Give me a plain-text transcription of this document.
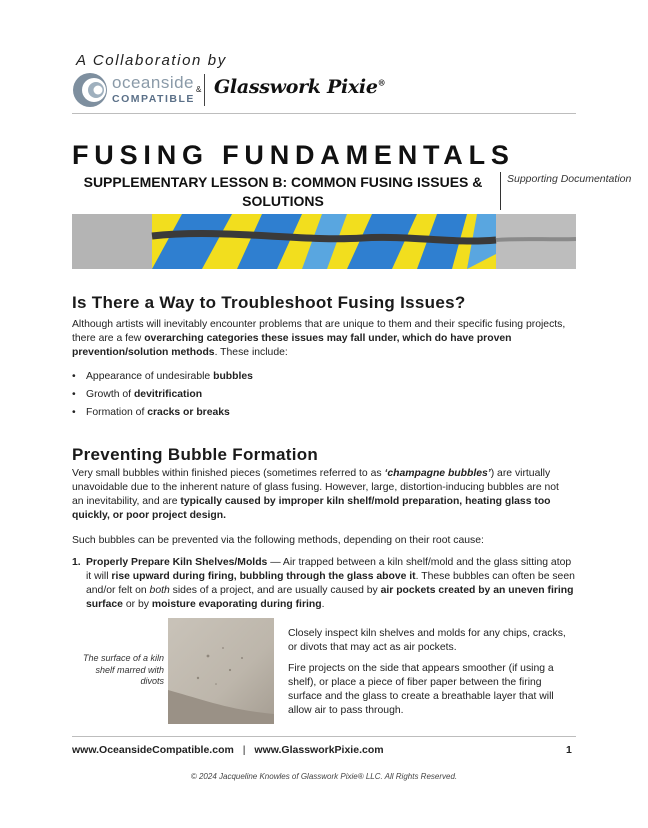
A Collaboration by
oceanside
COMPATIBLE
& Glasswork Pixie®
FUSING FUNDAMENTALS
SUPPLEMENTARY LESSON B: COMMON FUSING ISSUES & SOLUTIONS
Supporting Documentation
Is There a Way to Troubleshoot Fusing Issues?

Although artists will inevitably encounter problems that are unique to them and their specific fusing projects, there are a few overarching categories these issues may fall under, which do have proven prevention/solution methods. These include:

• Appearance of undesirable bubbles
• Growth of devitrification
• Formation of cracks or breaks
Preventing Bubble Formation

Very small bubbles within finished pieces (sometimes referred to as ‘champagne bubbles’) are virtually unavoidable due to the inherent nature of glass fusing. However, large, distortion-inducing bubbles are not an inevitability, and are typically caused by improper kiln shelf/mold preparation, heating glass too quickly, or poor project design.

Such bubbles can be prevented via the following methods, depending on their root cause:

1. Properly Prepare Kiln Shelves/Molds — Air trapped between a kiln shelf/mold and the glass sitting atop it will rise upward during firing, bubbling through the glass above it. These bubbles can often be seen and/or felt on both sides of a project, and are usually caused by air pockets created by an uneven firing surface or by moisture evaporating during firing.
The surface of a kiln shelf marred with divots

Closely inspect kiln shelves and molds for any chips, cracks, or divots that may act as air pockets.

Fire projects on the side that appears smoother (if using a shelf), or place a piece of fiber paper between the firing surface and the glass to create a breathable layer that will allow air to pass through.

www.OceansideCompatible.com | www.GlassworkPixie.com	1
© 2024 Jacqueline Knowles of Glasswork Pixie® LLC. All Rights Reserved.
